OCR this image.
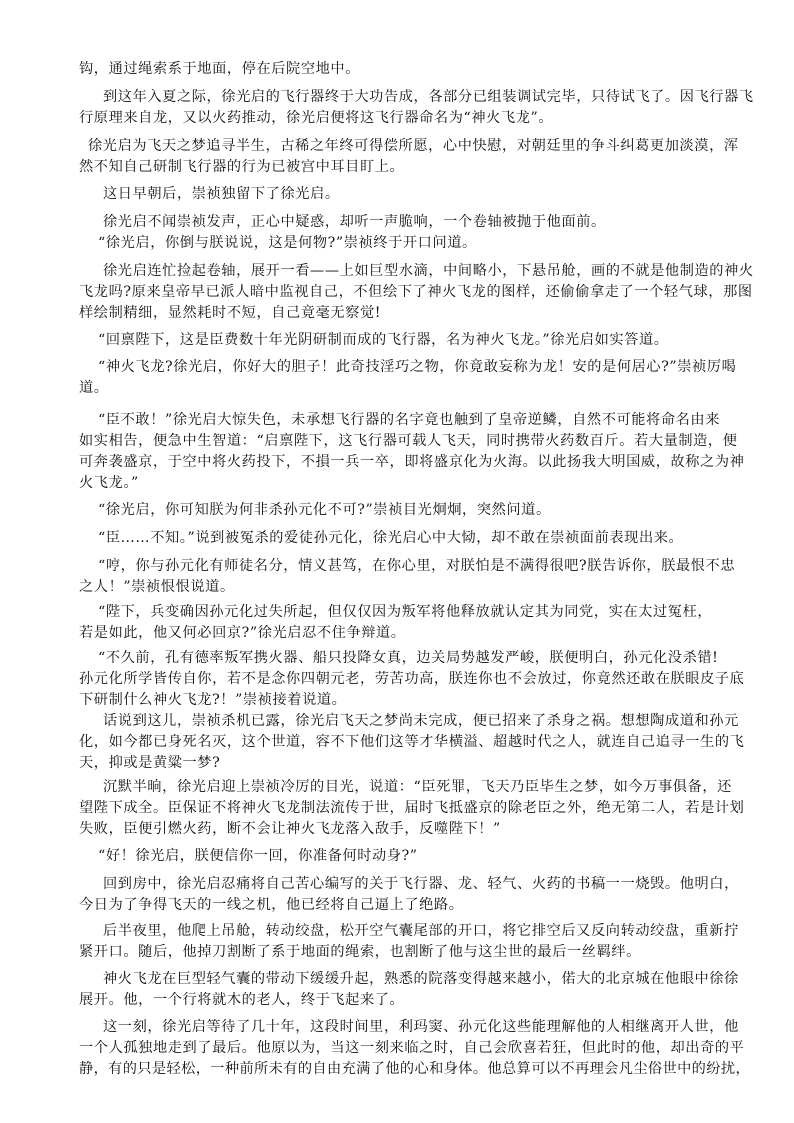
钩，通过绳索系于地面，停在后院空地中。
到这年入夏之际，徐光启的飞行器终于大功告成，各部分已组装调试完毕，只待试飞了。因飞行器飞
行原理来自龙，又以火药推动，徐光启便将这飞行器命名为“神火飞龙”。
徐光启为飞天之梦追寻半生，古稀之年终可得偿所愿，心中快慰，对朝廷里的争斗纠葛更加淡漠，浑
然不知自己研制飞行器的行为已被宫中耳目盯上。
这日早朝后，崇祯独留下了徐光启。
徐光启不闻崇祯发声，正心中疑惑，却听一声脆响，一个卷轴被抛于他面前。
“徐光启，你倒与朕说说，这是何物?”崇祯终于开口问道。
徐光启连忙捡起卷轴，展开一看——上如巨型水滴，中间略小，下悬吊舱，画的不就是他制造的神火
飞龙吗?原来皇帝早已派人暗中监视自己，不但绘下了神火飞龙的图样，还偷偷拿走了一个轻气球，那图
样绘制精细，显然耗时不短，自己竟毫无察觉!
“回禀陛下，这是臣费数十年光阴研制而成的飞行器，名为神火飞龙。”徐光启如实答道。
“神火飞龙?徐光启，你好大的胆子！此奇技淫巧之物，你竟敢妄称为龙！安的是何居心?”崇祯厉喝
道。
“臣不敢！”徐光启大惊失色，未承想飞行器的名字竟也触到了皇帝逆鳞，自然不可能将命名由来
如实相告，便急中生智道：“启禀陛下，这飞行器可载人飞天，同时携带火药数百斤。若大量制造，便
可奔袭盛京，于空中将火药投下，不損一兵一卒，即将盛京化为火海。以此扬我大明国威，故称之为神
火飞龙。”
“徐光启，你可知朕为何非杀孙元化不可?”崇祯目光炯炯，突然问道。
“臣……不知。”说到被冤杀的爱徒孙元化，徐光启心中大恸，却不敢在崇祯面前表现出来。
“哼，你与孙元化有师徒名分，情义甚笃，在你心里，对朕怕是不满得很吧?朕告诉你，朕最恨不忠
之人！”崇祯恨恨说道。
“陛下，兵变确因孙元化过失所起，但仅仅因为叛军将他释放就认定其为同党，实在太过冤枉，
若是如此，他又何必回京?”徐光启忍不住争辩道。
“不久前，孔有德率叛军携火器、船只投降女真，边关局势越发严峻，朕便明白，孙元化没杀错!
孙元化所学皆传自你，若不是念你四朝元老，劳苦功高，朕连你也不会放过，你竟然还敢在朕眼皮子底
下研制什么神火飞龙?！”崇祯接着说道。
话说到这儿，崇祯杀机已露，徐光启飞天之梦尚未完成，便已招来了杀身之祸。想想陶成道和孙元
化，如今都已身死名灭，这个世道，容不下他们这等才华横溢、超越时代之人，就连自己追寻一生的飞
天，抑或是黄粱一梦?
沉默半晌，徐光启迎上崇祯冷厉的目光，说道：“臣死罪，飞天乃臣毕生之梦，如今万事俱备，还
望陛下成全。臣保证不将神火飞龙制法流传于世，届时飞抵盛京的除老臣之外，绝无第二人，若是计划
失败，臣便引燃火药，断不会让神火飞龙落入敌手，反噬陛下！”
“好！徐光启，朕便信你一回，你准备何时动身?”
回到房中，徐光启忍痛将自己苦心编写的关于飞行器、龙、轻气、火药的书稿一一烧毁。他明白，
今日为了争得飞天的一线之机，他已经将自己逼上了绝路。
后半夜里，他爬上吊舱，转动绞盘，松开空气囊尾部的开口，将它排空后又反向转动绞盘，重新拧
紧开口。随后，他掉刀割断了系于地面的绳索，也割断了他与这尘世的最后一丝羁绊。
神火飞龙在巨型轻气囊的带动下缓缓升起，熟悉的院落变得越来越小，偌大的北京城在他眼中徐徐
展开。他，一个行将就木的老人，终于飞起来了。
这一刻，徐光启等待了几十年，这段时间里，利玛窦、孙元化这些能理解他的人相继离开人世，他
一个人孤独地走到了最后。他原以为，当这一刻来临之时，自己会欣喜若狂，但此时的他，却出奇的平
静，有的只是轻松，一种前所未有的自由充满了他的心和身体。他总算可以不再理会凡尘俗世中的纷扰，
